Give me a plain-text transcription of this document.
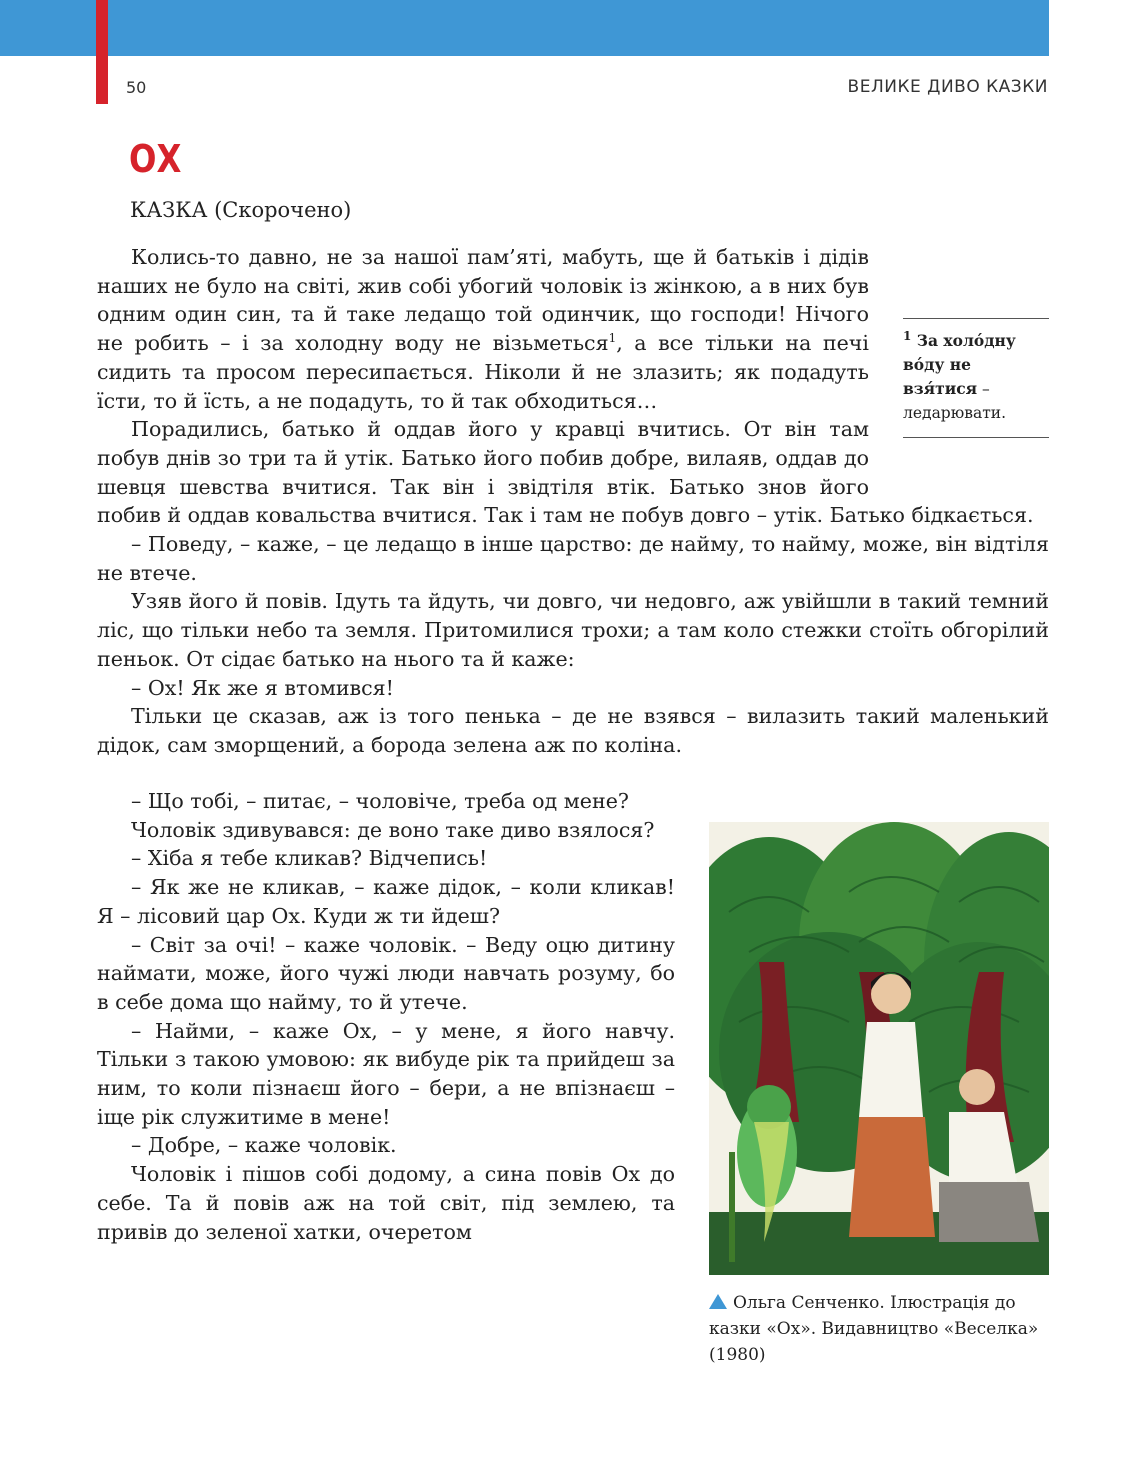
50	ВЕЛИКЕ ДИВО КАЗКИ
ОХ
КАЗКА (Скорочено)

Колись-то давно, не за нашої пам’яті, мабуть, ще й батьків і дідів наших не було на світі, жив собі убогий чоловік із жінкою, а в них був одним один син, та й таке ледащо той одинчик, що господи! Нічого не робить – і за холодну воду не візьметься$^1$, а все тільки на печі сидить та просом пересипається. Ніколи й не злазить; як подадуть їсти, то й їсть, а не подадуть, то й так обходиться…

Порадились, батько й оддав його у кравці вчитись. От він там побув днів зо три та й утік. Батько його побив добре, вилаяв, оддав до шевця шевства вчитися. Так він і звідтіля втік. Батько знов його побив й оддав ковальства вчитися. Так і там не побув довго – утік. Батько бідкається.

– Поведу, – каже, – це ледащо в інше царство: де найму, то найму, може, він відтіля не втече.

Узяв його й повів. Ідуть та йдуть, чи довго, чи недовго, аж увійшли в такий темний ліс, що тільки небо та земля. Притомилися трохи; а там коло стежки стоїть обгорілий пеньок. От сідає батько на нього та й каже:

– Ох! Як же я втомився!

Тільки це сказав, аж із того пенька – де не взявся – вилазить такий маленький дідок, сам зморщений, а борода зелена аж по коліна.

$^1$ За холо́дну во́ду не взя́тися –
ледарювати.

– Що тобі, – питає, – чоловіче, треба од мене?

Чоловік здивувався: де воно таке диво взялося?

– Хіба я тебе кликав? Відчепись!

– Як же не кликав, – каже дідок, – коли кликав! Я – лісовий цар Ох. Куди ж ти йдеш?

– Світ за очі! – каже чоловік. – Веду оцю дитину наймати, може, його чужі люди навчать розуму, бо в себе дома що найму, то й утече.

– Найми, – каже Ох, – у мене, я його навчу. Тільки з такою умовою: як вибуде рік та прийдеш за ним, то коли пізнаєш його – бери, а не впізнаєш – іще рік служитиме в мене!

– Добре, – каже чоловік.

Чоловік і пішов собі додому, а сина повів Ох до себе. Та й повів аж на той світ, під землею, та привів до зеленої хатки, очеретом

Ольга Сенченко. Ілюстрація до казки «Ох». Видавництво «Веселка» (1980)
